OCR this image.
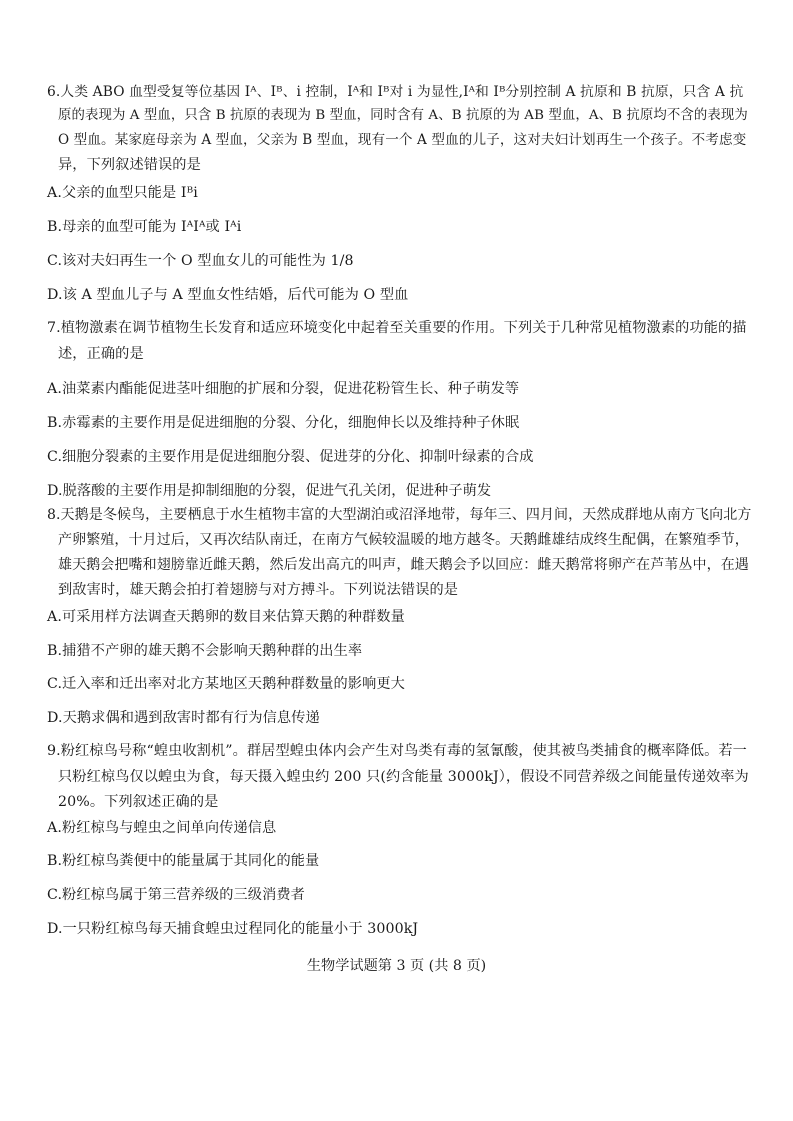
6.人类 ABO 血型受复等位基因 Iᴬ、Iᴮ、i 控制，Iᴬ和 Iᴮ对 i 为显性,Iᴬ和 Iᴮ分别控制 A 抗原和 B 抗原，只含 A 抗
原的表现为 A 型血，只含 B 抗原的表现为 B 型血，同时含有 A、B 抗原的为 AB 型血，A、B 抗原均不含的表现为
O 型血。某家庭母亲为 A 型血，父亲为 B 型血，现有一个 A 型血的儿子，这对夫妇计划再生一个孩子。不考虑变
异，下列叙述错误的是
A.父亲的血型只能是 Iᴮi
B.母亲的血型可能为 IᴬIᴬ或 Iᴬi
C.该对夫妇再生一个 O 型血女儿的可能性为 1/8
D.该 A 型血儿子与 A 型血女性结婚，后代可能为 O 型血
7.植物激素在调节植物生长发育和适应环境变化中起着至关重要的作用。下列关于几种常见植物激素的功能的描
述，正确的是
A.油菜素内酯能促进茎叶细胞的扩展和分裂，促进花粉管生长、种子萌发等
B.赤霉素的主要作用是促进细胞的分裂、分化，细胞伸长以及维持种子休眠
C.细胞分裂素的主要作用是促进细胞分裂、促进芽的分化、抑制叶绿素的合成
D.脱落酸的主要作用是抑制细胞的分裂，促进气孔关闭，促进种子萌发
8.天鹅是冬候鸟，主要栖息于水生植物丰富的大型湖泊或沼泽地带，每年三、四月间，天然成群地从南方飞向北方
产卵繁殖，十月过后，又再次结队南迁，在南方气候较温暖的地方越冬。天鹅雌雄结成终生配偶，在繁殖季节，
雄天鹅会把嘴和翅膀靠近雌天鹅，然后发出高亢的叫声，雌天鹅会予以回应：雌天鹅常将卵产在芦苇丛中，在遇
到敌害时，雄天鹅会拍打着翅膀与对方搏斗。下列说法错误的是
A.可采用样方法调查天鹅卵的数目来估算天鹅的种群数量
B.捕猎不产卵的雄天鹅不会影响天鹅种群的出生率
C.迁入率和迁出率对北方某地区天鹅种群数量的影响更大
D.天鹅求偶和遇到敌害时都有行为信息传递
9.粉红椋鸟号称“蝗虫收割机”。群居型蝗虫体内会产生对鸟类有毒的氢氰酸，使其被鸟类捕食的概率降低。若一
只粉红椋鸟仅以蝗虫为食，每天摄入蝗虫约 200 只(约含能量 3000kJ），假设不同营养级之间能量传递效率为
20%。下列叙述正确的是
A.粉红椋鸟与蝗虫之间单向传递信息
B.粉红椋鸟粪便中的能量属于其同化的能量
C.粉红椋鸟属于第三营养级的三级消费者
D.一只粉红椋鸟每天捕食蝗虫过程同化的能量小于 3000kJ
生物学试题第 3 页 (共 8 页)
